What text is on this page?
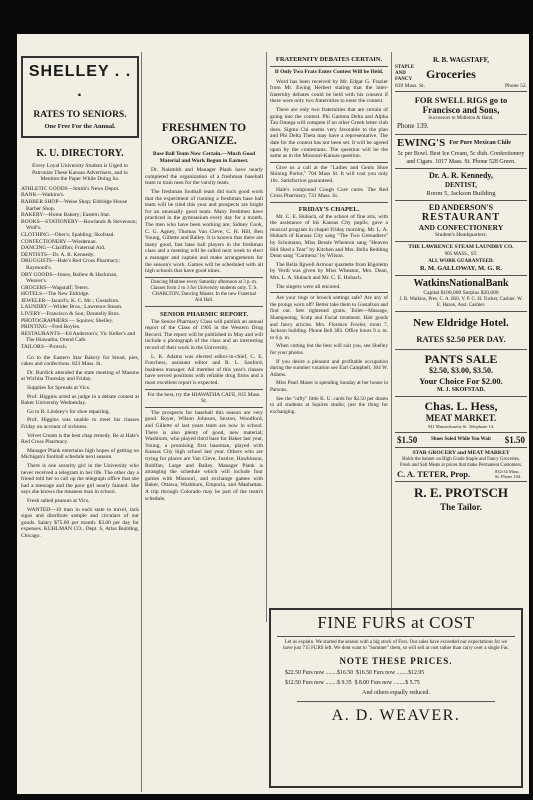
SHELLEY . . .
RATES TO SENIORS.
One Free For the Annual.
K. U. DIRECTORY.
Every Loyal University Student is Urged to Patronize These Kansan Advertisers, and to Mention the Paper While Doing So.

ATHLETIC GOODS—Smith's News Depot.

BANK—Watkins's.

BARBER SHOP—Weise Shop; Eldridge House Barber Shop.

BAKERY—Home Bakery; Eastern Star.

BOOKS—STATIONERY—Rowlands & Stevenson; Wolf's.

CLOTHING—Ober's; Spalding; Skofstad.

CONFECTIONERY—Wiedeman.

DANCING—Clariffon; Fraternal Aid.

DENTISTS—Dr. A. R. Kennedy.

DRUGGISTS—Hale's Red Cross Pharmacy; Raymond's.

DRY GOODS—Innes, Ballew & Hackman, Weaver's.

GROCERS—Wagstaff; Teters.

HOTELS—The New Eldridge.

JEWELER—Jacard's; K. C. Mc.; Gustafson.

LAUNDRY—Wilder Bros.; Lawrence Steam.

LIVERY—Francisco & Son; Donnelly Bros.

PHOTOGRAPHERS — Squires; Shelley.

PRINTING—Fred Boyles.

RESTAURANTS—Ed Anderson's; Vic Keller's and The Hiawatha; Orend Cafe.

TAILORS—Protsch.

Go to the Eastern Star Bakery for bread, pies, cakes and confections. 823 Mass. St.

Dr. Burdick attended the state meeting of Masons at Wichita Thursday and Friday.

Supplies for Spreads at Vics.

Prof. Higgins acted as judge in a debate contest at Baker University Wednesday.

Go to R. Lindsey's for shoe repairing.

Prof. Higgins was unable to meet his classes Friday on account of sickness.

Velvet Cream is the best chap remedy. Be at Hale's Red Cross Pharmacy.

Manager Plank entertains high hopes of getting on Michigan's football schedule next season.

There is one sorority girl in the University who never received a telegram in her life. The other day a friend told her to call up the telegraph office that she had a message and the poor girl nearly fainted. She says she knows the meanest man in school.

Fresh salted peanuts at Vics.

WANTED—10 men in each state to travel, tack signs and distribute sample and circulars of our goods. Salary $75.00 per month. $3.00 per day for expenses. KUHLMAN CO., Dept. S, Atlas Building, Chicago.

FRESHMEN TO ORGANIZE.
Base Ball Team Now Certain.—Much Good Material and Work Begun in Earnest.

Dr. Naismith and Manager Plank have nearly completed the organization of a freshman baseball team to train men for the varsity team.

The freshman football team did such good work that the experiment of running a freshman base ball team will be tried this year and prospects are bright for an unusually good team. Many freshmen have practiced in the gymnasium every day for a month. The men who have been working are; Sidney Cook, C. G. Agney, Thomas Van Cleve, C. H. Hill, Ben Young, Gillette and Bailey. It is known that there are many good, fast base ball players in the freshman class and a meeting will be called next week to elect a manager and captain and make arrangements for the season's work. Games will be scheduled with all high schools that have good nines.

Dancing Matinee every Saturday afternoon at 3 p. m. Classes from 2 to 3 for University students only. T. S. CHARLTON, Dancing Master. In the new Fraternal Aid Hall.
SENIOR PHARMIC REPORT.

The Senior Pharmacy Class will publish an annual report of the Class of 1905 in the Western Drug Record. The report will be published in May and will include a photograph of the class and an interesting record of their work in the University.

L. K. Adams was elected editor-in-chief, C. E. Funchess, assistant editor and R. L. Sanford, business manager. All member of this year's classes have served positions with reliable drug firms and a most excellent report is expected.

For the best, try the HIAWATHA CAFE, 835 Mass. St.

The prospects for baseball this season are very good. Royer, Wilson Johnson, Sexton, Woodford, and Gillette of last years team are now in school. There is also plenty of good, new material; Washburn, who played third base for Baker last year, Young, a promising first baseman, played with Kansas City high school last year. Others who are trying for places are Van Cleve, Justice, Hawkinson, Rohlfan, Large and Bailey. Manager Plank is arranging the schedule which will include four games with Missouri, and exchange games with Baker, Ottawa, Washburn, Emporia, and Manhattan. A trip through Colorado may be part of the team's schedule.

FRATERNITY DEBATES CERTAIN.
If Only Two Frats Enter Contest Will be Held.

Word has been received by Mr. Edgar G. Frazier from Mr. Ewing Herbert stating that the inter-fraternity debates could be held with his consent if there were only two fraternities to enter the contest.

There are only two fraternities that are certain of going into the contest. Phi Gamma Delta and Alpha Tau Omega will compete if no other Greek letter club does. Sigma Chi seems very favorable to the plan and Phi Delta Theta may have a representative. The date for the contest has not been set. It will be agreed upon by the contestants. The question will be the same as in the Missouri-Kansas question.

Give us a call at the "Ladies and Gents Shoe Shining Parlor," 704 Mass St. It will cost you only 10c. Satisfaction guaranteed.

Hale's compound Cough Cure cures. The Red Cross Pharmacy, 731 Mass. St.

FRIDAY'S CHAPEL.

Mr. C. E. Hubach, of the school of fine arts, with the assistance of his Kansas City pupils, gave a musical program in chapel Friday morning. Mr. L. A. Hubach of Kansas City sang "The Two Grenadiers" by Schumann, Miss Bessie Whenton sang "Heaven Hid Shed a Tear" by Kitchen and Mrs. Bella Redding Dean sang "Carmena" by Wilson.

The Bella Ilgwell Armour quartette from Rigoletto by Verdi was given by Miss Wheaton, Mrs. Dean, Mrs. L. A. Hubach and Mr. C. E. Hubach.

The singers were all encored.

Are your rings or brooch settings safe? Are any of the prongs worn off? Better take them to Gustafson and find out. Sets tightened gratis. Toilet—Massage, Shampooing, Scalp and Facial treatment. Hair goods and fancy articles. Mrs. Florence Fowler, room 7, Jackson building. Phone Bell 383. Office hours 9 a. m. to 6 p. m.

When cutting but the best will suit you, see Shelley for your photos.

If you desire a pleasant and profitable occupation during the summer vacation see Earl Campbell, 304 W. Adams.

Miss Pearl Maser is spending Sunday at her house in Parsons.

See the "nifty" little K. U. cards for $2.50 per dozen to all students at Squires studio; just the thing for exchanging.

R. B. WAGSTAFF,
STAPLE AND FANCY	Groceries
839 Mass. St.	Phone 52.
FOR SWELL RIGS go to
Francisco and Sons,
Successors to Midleton & Hand.
Phone 139.
EWING'S For Pure Mexican Chile
5c per Bowl. Best Ice Cream, 5c dish. Confectionery and Cigars. 1017 Mass. St. Phone 528 Green.
Dr. A. R. Kennedy,
DENTIST,
Room 5, Jackson Building
ED ANDERSON'S
RESTAURANT
AND CONFECTIONERY
Student's Headquarters.
THE LAWRENCE STEAM LAUNDRY CO.
905 MASS., ST.
ALL WORK GUARANTEED.
R. M. GALLOWAY, M. G. R.
WatkinsNationalBank
Capital $100,000 Surplus $20,000
J. B. Watkins, Pres. C. A. Hill, V. P. C. H. Tucker, Cashier. W. E. Hazen, Asst. Cashier.
New Eldridge Hotel.
RATES $2.50 PER DAY.
PANTS SALE
$2.50, $3.00, $3.50.
Your Choice For $2.00.
M. J. SKOFSTAD.
Chas. L. Hess,
MEAT MARKET.
941 Massachusetts St. Telephone 14.
$1.50	Shoes Soled While You Wait	$1.50
STAR GROCERY and MEAT MARKET
Holds the banner on High Grade Staple and Fancy Groceries. Fresh and Salt Meats at prices that make Permanent Customers.
C. A. TETER, Prop.	832-34 Mass. St. Phone 104.
R. E. PROTSCH
The Tailor.
FINE FURS at COST
Let us explain. We started the season with a big stock of Furs. Our sales have exceeded our expectations for we have just 715 FURS left. We dont want to "Summer" them, so will sell at cost rather than carry over a single Fur.
NOTE THESE PRICES.

$22.50 Furs now ........$16.50  $16.50 Furs now ........$12.95

$12.50 Furs now ........$ 9.35  $ 8.00 Furs now ........$ 5.75

And others equally reduced.
A. D. WEAVER.
